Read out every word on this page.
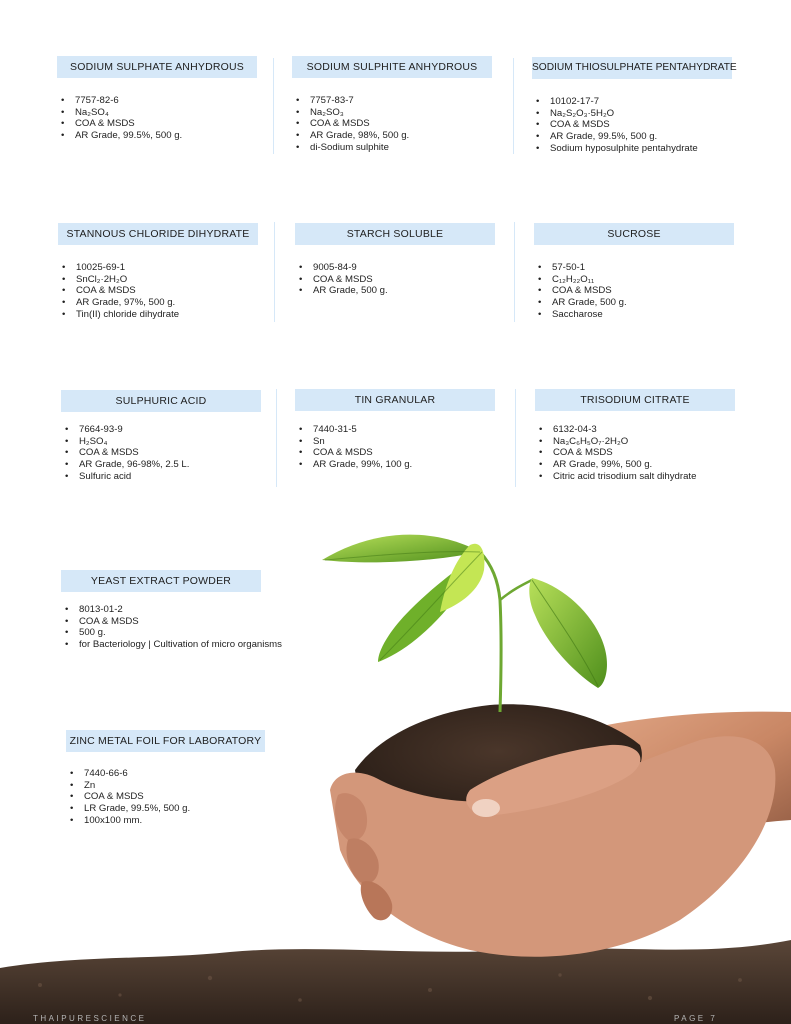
SODIUM SULPHATE ANHYDROUS
• 7757-82-6
• Na₂SO₄
• COA & MSDS
• AR Grade, 99.5%, 500 g.
SODIUM SULPHITE ANHYDROUS
• 7757-83-7
• Na₂SO₃
• COA & MSDS
• AR Grade, 98%, 500 g.
• di-Sodium sulphite
SODIUM THIOSULPHATE PENTAHYDRATE
• 10102-17-7
• Na₂S₂O₃·5H₂O
• COA & MSDS
• AR Grade, 99.5%, 500 g.
• Sodium hyposulphite pentahydrate
STANNOUS CHLORIDE DIHYDRATE
• 10025-69-1
• SnCl₂·2H₂O
• COA & MSDS
• AR Grade, 97%, 500 g.
• Tin(II) chloride dihydrate
STARCH SOLUBLE
• 9005-84-9
• COA & MSDS
• AR Grade, 500 g.
SUCROSE
• 57-50-1
• C₁₂H₂₂O₁₁
• COA & MSDS
• AR Grade, 500 g.
• Saccharose
SULPHURIC ACID
• 7664-93-9
• H₂SO₄
• COA & MSDS
• AR Grade, 96-98%, 2.5 L.
• Sulfuric acid
TIN GRANULAR
• 7440-31-5
• Sn
• COA & MSDS
• AR Grade, 99%, 100 g.
TRISODIUM CITRATE
• 6132-04-3
• Na₃C₆H₅O₇·2H₂O
• COA & MSDS
• AR Grade, 99%, 500 g.
• Citric acid trisodium salt dihydrate
YEAST EXTRACT POWDER
• 8013-01-2
• COA & MSDS
• 500 g.
• for Bacteriology | Cultivation of micro organisms
ZINC METAL FOIL FOR LABORATORY
• 7440-66-6
• Zn
• COA & MSDS
• LR Grade, 99.5%, 500 g.
• 100x100 mm.
THAIPURESCIENCE	PAGE 7
